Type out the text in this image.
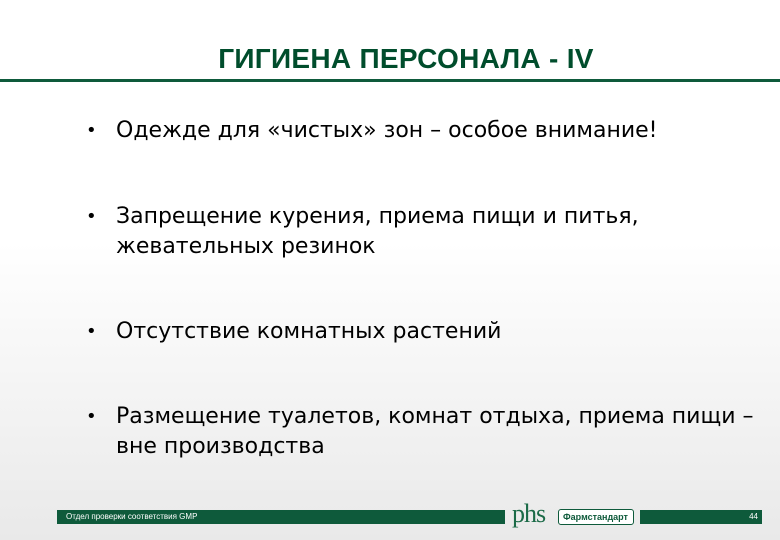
ГИГИЕНА ПЕРСОНАЛА - IV
• Одежде для «чистых» зон – особое внимание!
• Запрещение курения, приема пищи и питья, жевательных резинок
• Отсутствие комнатных растений
• Размещение туалетов, комнат отдыха, приема пищи – вне производства
Отдел проверки соответствия GMP	phs Фармстандарт	44
